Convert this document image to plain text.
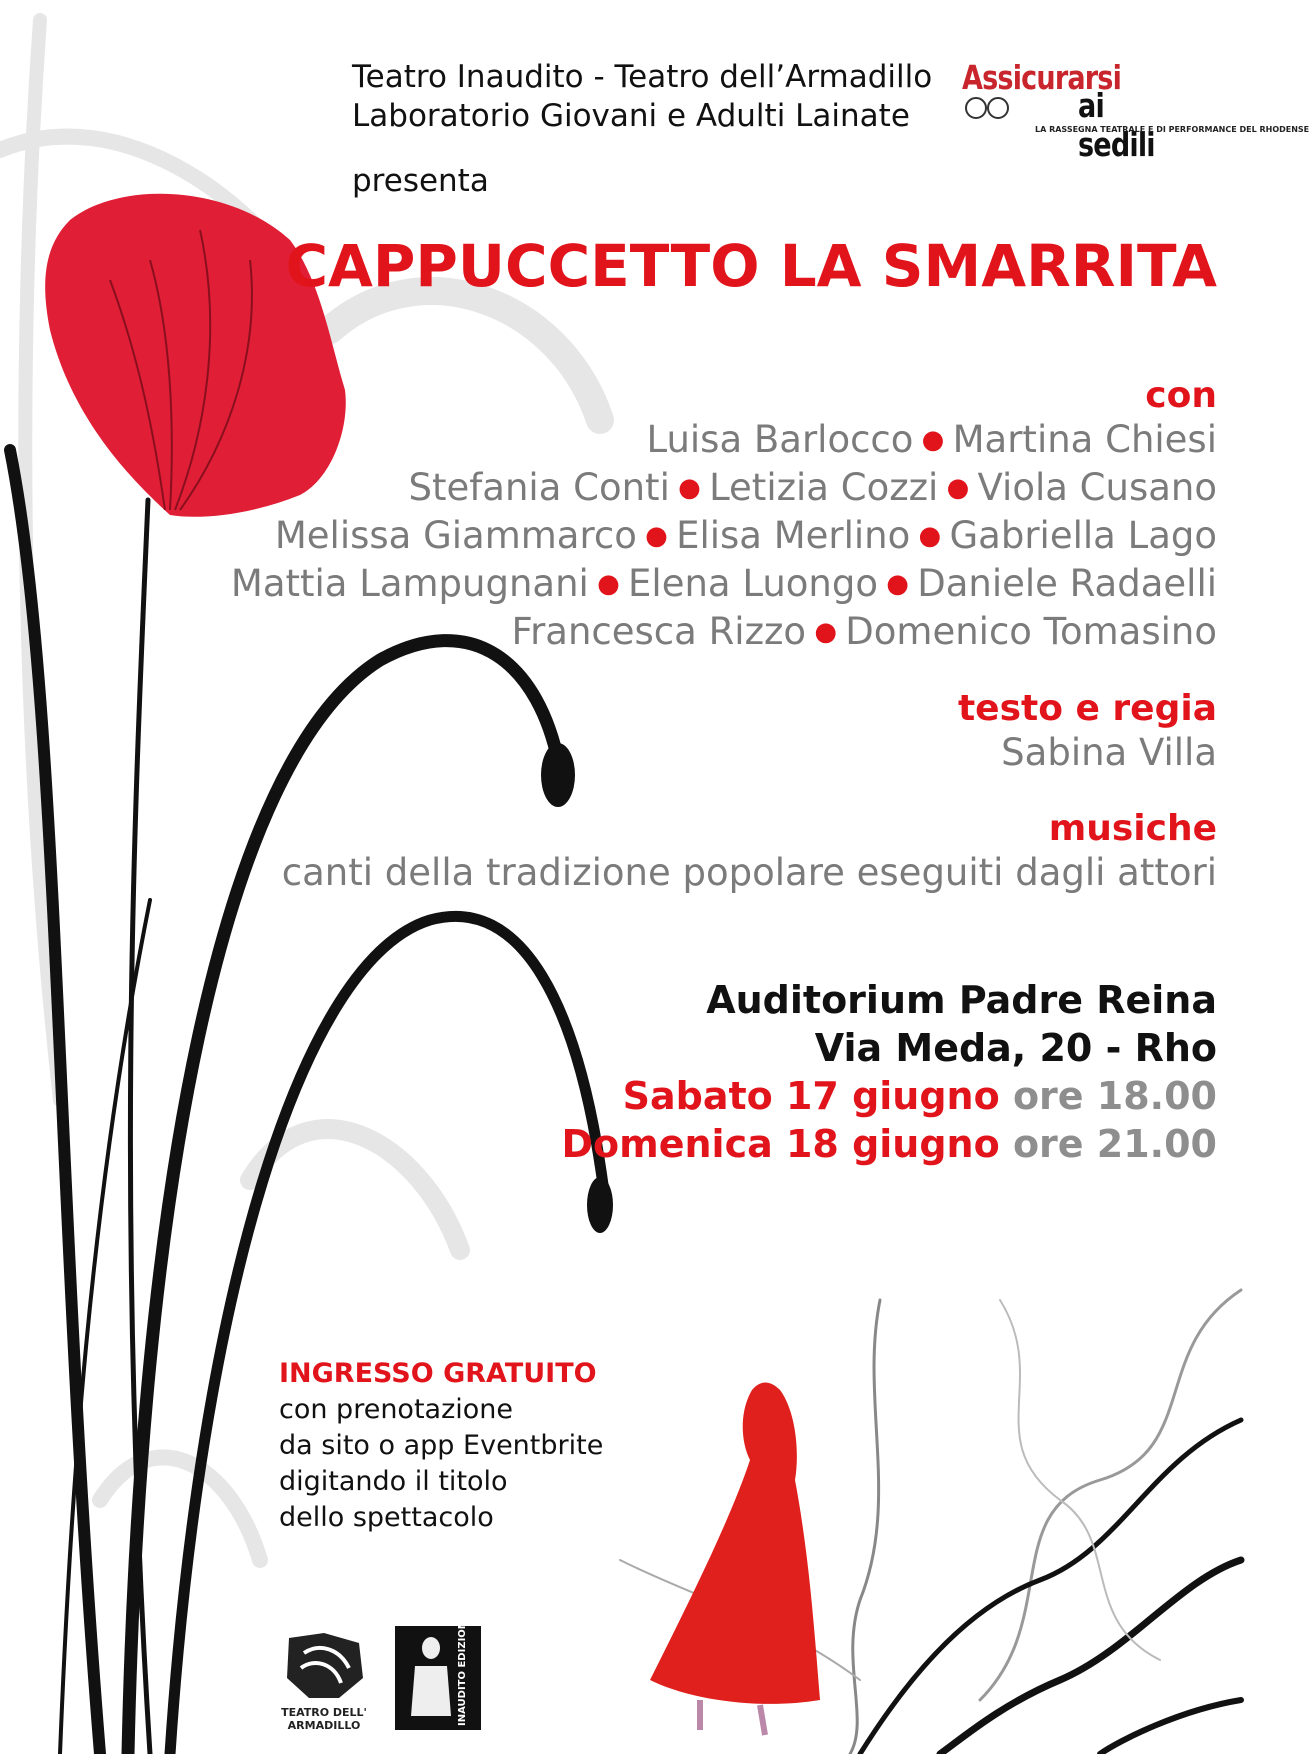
Teatro Inaudito - Teatro dell’Armadillo
Laboratorio Giovani e Adulti Lainate
presenta
Assicurarsi
ai sedili
LA RASSEGNA TEATRALE E DI PERFORMANCE DEL RHODENSE
CAPPUCCETTO LA SMARRITA
con
Luisa Barlocco ● Martina Chiesi
Stefania Conti ● Letizia Cozzi ● Viola Cusano
Melissa Giammarco ● Elisa Merlino ● Gabriella Lago
Mattia Lampugnani ● Elena Luongo ● Daniele Radaelli
Francesca Rizzo ● Domenico Tomasino
testo e regia
Sabina Villa
musiche
canti della tradizione popolare eseguiti dagli attori
Auditorium Padre Reina
Via Meda, 20 - Rho
Sabato 17 giugno ore 18.00
Domenica 18 giugno ore 21.00
INGRESSO GRATUITO
con prenotazione
da sito o app Eventbrite
digitando il titolo
dello spettacolo
TEATRO DELL'
ARMADILLO	INAUDITO EDIZIONI
